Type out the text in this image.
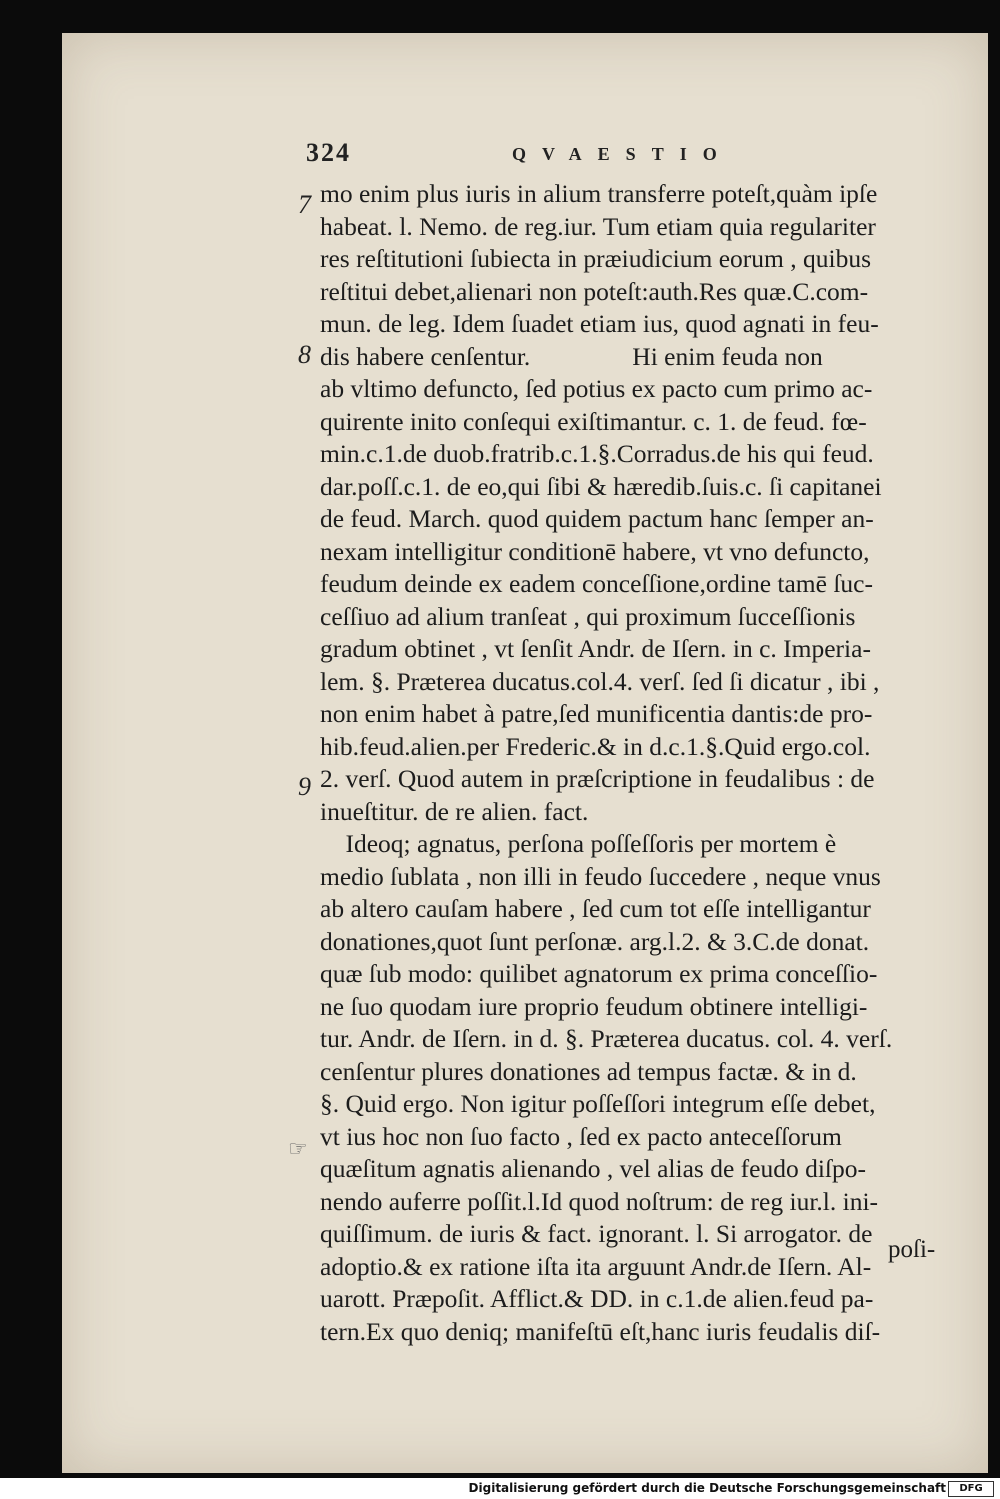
324	QVAESTIO
7
8
9
☞
mo enim plus iuris in alium transferre poteſt,quàm ipſe
habeat. l. Nemo. de reg.iur. Tum etiam quia regulariter
res reſtitutioni ſubiecta in præiudicium eorum , quibus
reſtitui debet,alienari non poteſt:auth.Res quæ.C.com-
mun. de leg. Idem ſuadet etiam ius, quod agnati in feu-
dis habere cenſentur.                Hi enim feuda non
ab vltimo defuncto, ſed potius ex pacto cum primo ac-
quirente inito conſequi exiſtimantur. c. 1. de feud. fœ-
min.c.1.de duob.fratrib.c.1.§.Corradus.de his qui feud.
dar.poſſ.c.1. de eo,qui ſibi & hæredib.ſuis.c. ſi capitanei
de feud. March. quod quidem pactum hanc ſemper an-
nexam intelligitur conditionē habere, vt vno defuncto,
feudum deinde ex eadem conceſſione,ordine tamē ſuc-
ceſſiuo ad alium tranſeat , qui proximum ſucceſſionis
gradum obtinet , vt ſenſit Andr. de Iſern. in c. Imperia-
lem. §. Præterea ducatus.col.4. verſ. ſed ſi dicatur , ibi ,
non enim habet à patre,ſed munificentia dantis:de pro-
hib.feud.alien.per Frederic.& in d.c.1.§.Quid ergo.col.
2. verſ. Quod autem in præſcriptione in feudalibus : de
inueſtitur. de re alien. fact.
Ideoq; agnatus, perſona poſſeſſoris per mortem è
medio ſublata , non illi in feudo ſuccedere , neque vnus
ab altero cauſam habere , ſed cum tot eſſe intelligantur
donationes,quot ſunt perſonæ. arg.l.2. & 3.C.de donat.
quæ ſub modo: quilibet agnatorum ex prima conceſſio-
ne ſuo quodam iure proprio feudum obtinere intelligi-
tur. Andr. de Iſern. in d. §. Præterea ducatus. col. 4. verſ.
cenſentur plures donationes ad tempus factæ. & in d.
§. Quid ergo. Non igitur poſſeſſori integrum eſſe debet,
vt ius hoc non ſuo facto , ſed ex pacto anteceſſorum
quæſitum agnatis alienando , vel alias de feudo diſpo-
nendo auferre poſſit.l.Id quod noſtrum: de reg iur.l. ini-
quiſſimum. de iuris & fact. ignorant. l. Si arrogator. de
adoptio.& ex ratione iſta ita arguunt Andr.de Iſern. Al-
uarott. Præpoſit. Afflict.& DD. in c.1.de alien.feud pa-
tern.Ex quo deniq; manifeſtū eſt,hanc iuris feudalis diſ-
poſi-
Digitalisierung gefördert durch die Deutsche Forschungsgemeinschaft	DFG
